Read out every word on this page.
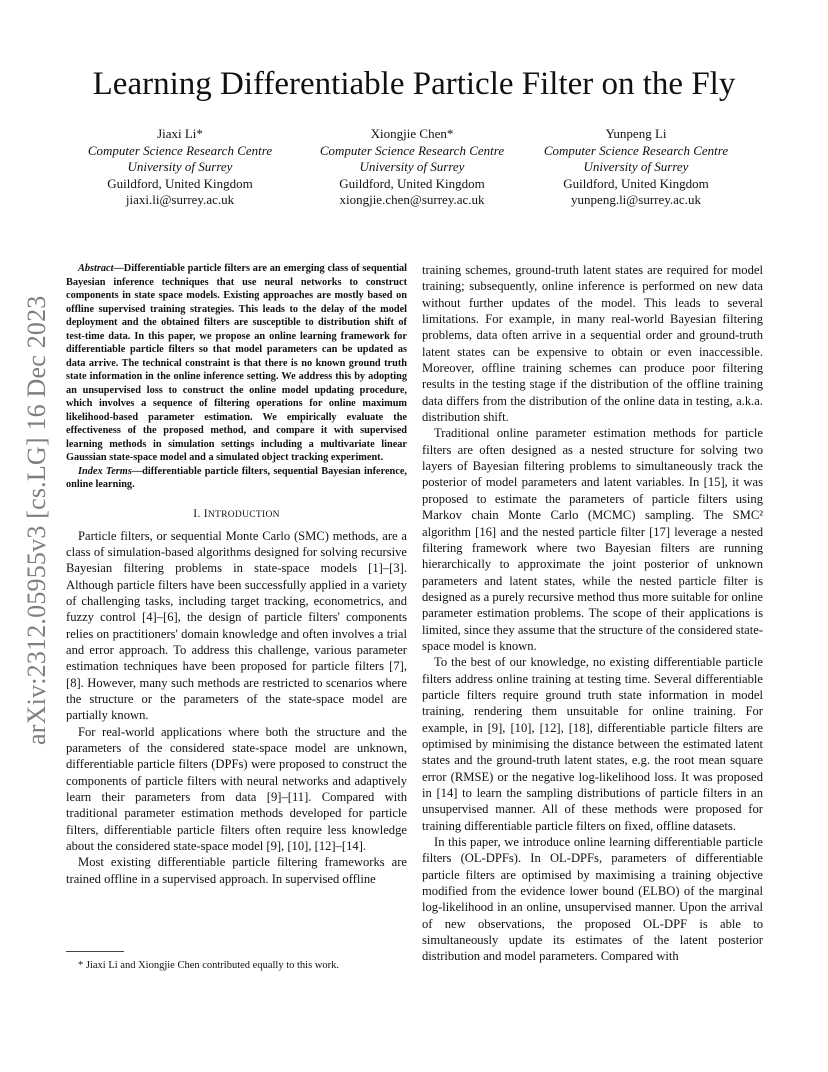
arXiv:2312.05955v3 [cs.LG] 16 Dec 2023
Learning Differentiable Particle Filter on the Fly
Jiaxi Li*
Computer Science Research Centre
University of Surrey
Guildford, United Kingdom
jiaxi.li@surrey.ac.uk
Xiongjie Chen*
Computer Science Research Centre
University of Surrey
Guildford, United Kingdom
xiongjie.chen@surrey.ac.uk
Yunpeng Li
Computer Science Research Centre
University of Surrey
Guildford, United Kingdom
yunpeng.li@surrey.ac.uk

Abstract—Differentiable particle filters are an emerging class of sequential Bayesian inference techniques that use neural networks to construct components in state space models. Existing approaches are mostly based on offline supervised training strategies. This leads to the delay of the model deployment and the obtained filters are susceptible to distribution shift of test-time data. In this paper, we propose an online learning framework for differentiable particle filters so that model parameters can be updated as data arrive. The technical constraint is that there is no known ground truth state information in the online inference setting. We address this by adopting an unsupervised loss to construct the online model updating procedure, which involves a sequence of filtering operations for online maximum likelihood-based parameter estimation. We empirically evaluate the effectiveness of the proposed method, and compare it with supervised learning methods in simulation settings including a multivariate linear Gaussian state-space model and a simulated object tracking experiment.

Index Terms—differentiable particle filters, sequential Bayesian inference, online learning.

I. INTRODUCTION

Particle filters, or sequential Monte Carlo (SMC) methods, are a class of simulation-based algorithms designed for solving recursive Bayesian filtering problems in state-space models [1]–[3]. Although particle filters have been successfully applied in a variety of challenging tasks, including target tracking, econometrics, and fuzzy control [4]–[6], the design of particle filters' components relies on practitioners' domain knowledge and often involves a trial and error approach. To address this challenge, various parameter estimation techniques have been proposed for particle filters [7], [8]. However, many such methods are restricted to scenarios where the structure or the parameters of the state-space model are partially known.

For real-world applications where both the structure and the parameters of the considered state-space model are unknown, differentiable particle filters (DPFs) were proposed to construct the components of particle filters with neural networks and adaptively learn their parameters from data [9]–[11]. Compared with traditional parameter estimation methods developed for particle filters, differentiable particle filters often require less knowledge about the considered state-space model [9], [10], [12]–[14].

Most existing differentiable particle filtering frameworks are trained offline in a supervised approach. In supervised offline

training schemes, ground-truth latent states are required for model training; subsequently, online inference is performed on new data without further updates of the model. This leads to several limitations. For example, in many real-world Bayesian filtering problems, data often arrive in a sequential order and ground-truth latent states can be expensive to obtain or even inaccessible. Moreover, offline training schemes can produce poor filtering results in the testing stage if the distribution of the offline training data differs from the distribution of the online data in testing, a.k.a. distribution shift.

Traditional online parameter estimation methods for particle filters are often designed as a nested structure for solving two layers of Bayesian filtering problems to simultaneously track the posterior of model parameters and latent variables. In [15], it was proposed to estimate the parameters of particle filters using Markov chain Monte Carlo (MCMC) sampling. The SMC² algorithm [16] and the nested particle filter [17] leverage a nested filtering framework where two Bayesian filters are running hierarchically to approximate the joint posterior of unknown parameters and latent states, while the nested particle filter is designed as a purely recursive method thus more suitable for online parameter estimation problems. The scope of their applications is limited, since they assume that the structure of the considered state-space model is known.

To the best of our knowledge, no existing differentiable particle filters address online training at testing time. Several differentiable particle filters require ground truth state information in model training, rendering them unsuitable for online training. For example, in [9], [10], [12], [18], differentiable particle filters are optimised by minimising the distance between the estimated latent states and the ground-truth latent states, e.g. the root mean square error (RMSE) or the negative log-likelihood loss. It was proposed in [14] to learn the sampling distributions of particle filters in an unsupervised manner. All of these methods were proposed for training differentiable particle filters on fixed, offline datasets.

In this paper, we introduce online learning differentiable particle filters (OL-DPFs). In OL-DPFs, parameters of differentiable particle filters are optimised by maximising a training objective modified from the evidence lower bound (ELBO) of the marginal log-likelihood in an online, unsupervised manner. Upon the arrival of new observations, the proposed OL-DPF is able to simultaneously update its estimates of the latent posterior distribution and model parameters. Compared with

* Jiaxi Li and Xiongjie Chen contributed equally to this work.
